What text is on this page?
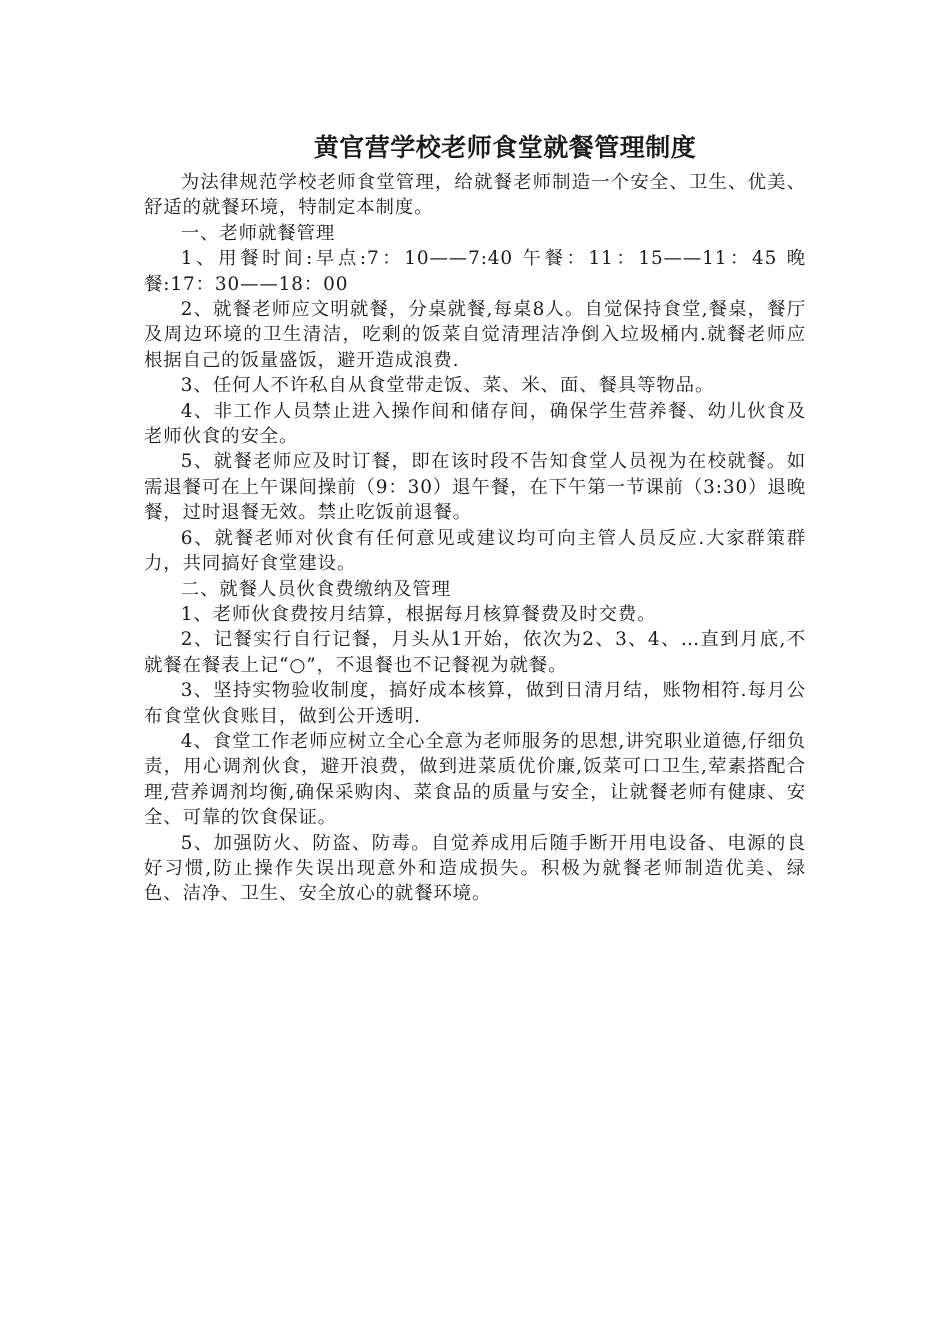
黄官营学校老师食堂就餐管理制度

为法律规范学校老师食堂管理，给就餐老师制造一个安全、卫生、优美、舒适的就餐环境，特制定本制度。

一、老师就餐管理

1、用餐时间:早点:7：10——7:40 午餐：11：15——11：45 晚餐:17：30——18：00

2、就餐老师应文明就餐，分桌就餐,每桌8人。自觉保持食堂,餐桌，餐厅及周边环境的卫生清洁，吃剩的饭菜自觉清理洁净倒入垃圾桶内.就餐老师应根据自己的饭量盛饭，避开造成浪费.

3、任何人不许私自从食堂带走饭、菜、米、面、餐具等物品。

4、非工作人员禁止进入操作间和储存间，确保学生营养餐、幼儿伙食及老师伙食的安全。

5、就餐老师应及时订餐，即在该时段不告知食堂人员视为在校就餐。如需退餐可在上午课间操前（9：30）退午餐，在下午第一节课前（3:30）退晚餐，过时退餐无效。禁止吃饭前退餐。

6、就餐老师对伙食有任何意见或建议均可向主管人员反应.大家群策群力，共同搞好食堂建设。

二、就餐人员伙食费缴纳及管理

1、老师伙食费按月结算，根据每月核算餐费及时交费。

2、记餐实行自行记餐，月头从1开始，依次为2、3、4、…直到月底,不就餐在餐表上记“○”，不退餐也不记餐视为就餐。

3、坚持实物验收制度，搞好成本核算，做到日清月结，账物相符.每月公布食堂伙食账目，做到公开透明.

4、食堂工作老师应树立全心全意为老师服务的思想,讲究职业道德,仔细负责，用心调剂伙食，避开浪费，做到进菜质优价廉,饭菜可口卫生,荤素搭配合理,营养调剂均衡,确保采购肉、菜食品的质量与安全，让就餐老师有健康、安全、可靠的饮食保证。

5、加强防火、防盗、防毒。自觉养成用后随手断开用电设备、电源的良好习惯,防止操作失误出现意外和造成损失。积极为就餐老师制造优美、绿色、洁净、卫生、安全放心的就餐环境。
